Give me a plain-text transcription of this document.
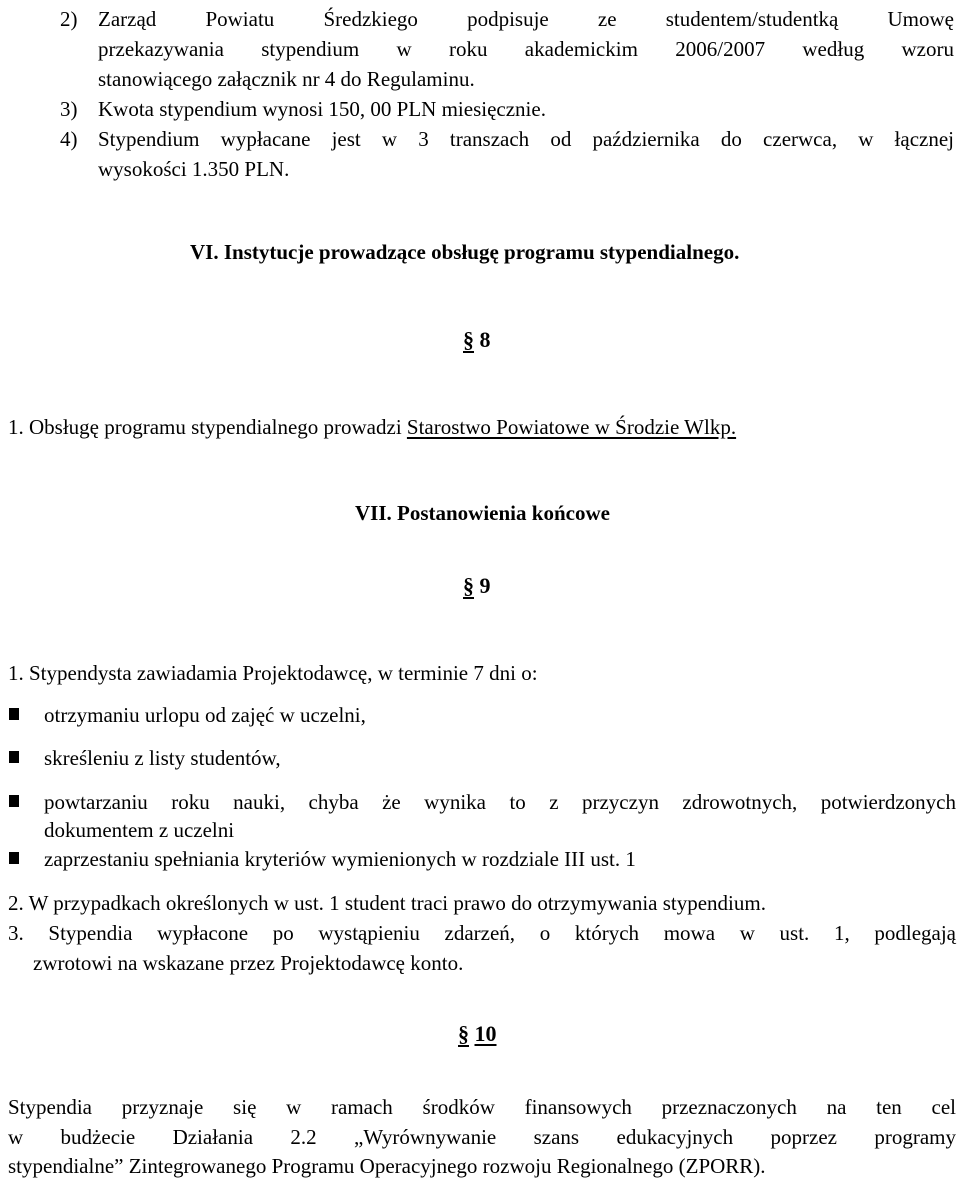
2) Zarząd Powiatu Średzkiego podpisuje ze studentem/studentką Umowę
przekazywania stypendium w roku akademickim 2006/2007 według wzoru
stanowiącego załącznik nr 4 do Regulaminu.
3) Kwota stypendium wynosi 150, 00 PLN miesięcznie.
4) Stypendium wypłacane jest w 3 transzach od października do czerwca, w łącznej
wysokości 1.350 PLN.
VI. Instytucje prowadzące obsługę programu stypendialnego.
§ 8
1. Obsługę programu stypendialnego prowadzi Starostwo Powiatowe w Środzie Wlkp.
VII. Postanowienia końcowe
§ 9
1. Stypendysta zawiadamia Projektodawcę, w terminie 7 dni o:
otrzymaniu urlopu od zajęć w uczelni,
skreśleniu z listy studentów,
powtarzaniu roku nauki, chyba że wynika to z przyczyn zdrowotnych, potwierdzonych
dokumentem z uczelni
zaprzestaniu spełniania kryteriów wymienionych w rozdziale III ust. 1
2. W przypadkach określonych w ust. 1 student traci prawo do otrzymywania stypendium.
3. Stypendia wypłacone po wystąpieniu zdarzeń, o których mowa w ust. 1, podlegają
zwrotowi na wskazane przez Projektodawcę konto.
§ 10
Stypendia przyznaje się w ramach środków finansowych przeznaczonych na ten cel
w budżecie Działania 2.2 „Wyrównywanie szans edukacyjnych poprzez programy
stypendialne” Zintegrowanego Programu Operacyjnego rozwoju Regionalnego (ZPORR).
